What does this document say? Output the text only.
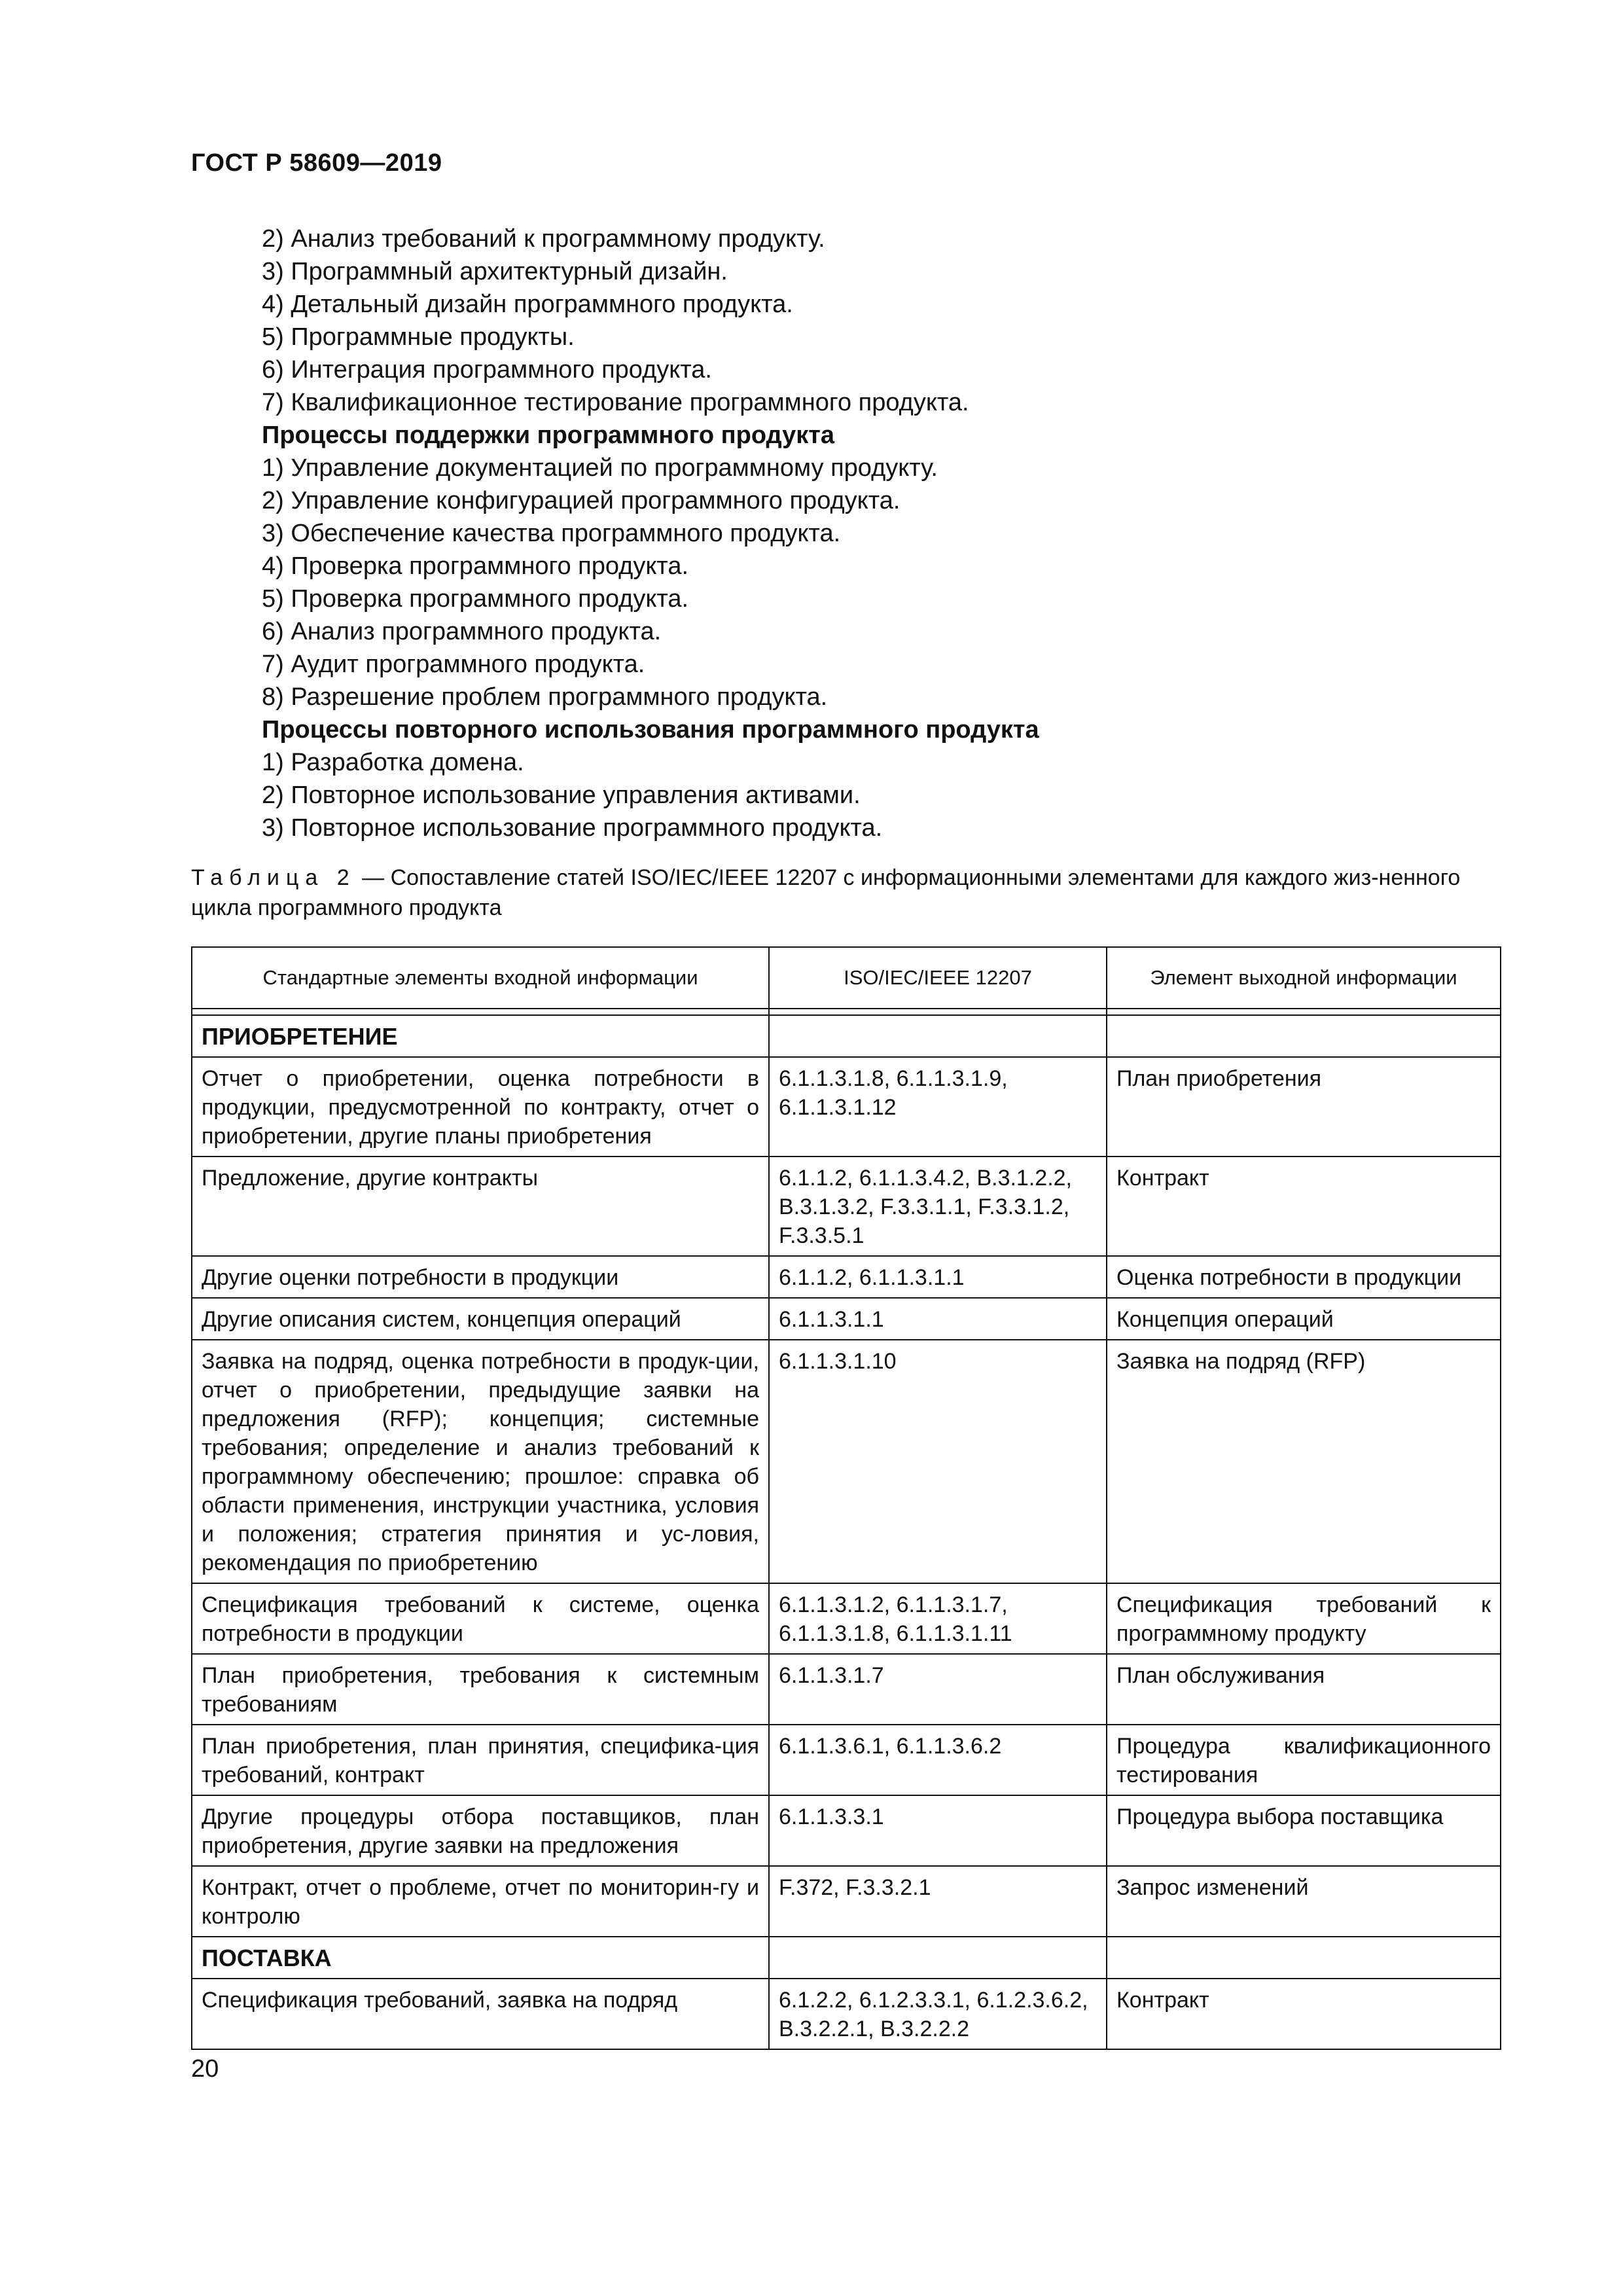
ГОСТ Р 58609—2019
2) Анализ требований к программному продукту.
3) Программный архитектурный дизайн.
4) Детальный дизайн программного продукта.
5) Программные продукты.
6) Интеграция программного продукта.
7) Квалификационное тестирование программного продукта.
Процессы поддержки программного продукта
1) Управление документацией по программному продукту.
2) Управление конфигурацией программного продукта.
3) Обеспечение качества программного продукта.
4) Проверка программного продукта.
5) Проверка программного продукта.
6) Анализ программного продукта.
7) Аудит программного продукта.
8) Разрешение проблем программного продукта.
Процессы повторного использования программного продукта
1) Разработка домена.
2) Повторное использование управления активами.
3) Повторное использование программного продукта.
Таблица 2 — Сопоставление статей ISO/IEC/IEEE 12207 с информационными элементами для каждого жиз-ненного цикла программного продукта
Стандартные элементы входной информации	ISO/IEC/IEEE 12207	Элемент выходной информации

ПРИОБРЕТЕНИЕ		
Отчет о приобретении, оценка потребности в продукции, предусмотренной по контракту, отчет о приобретении, другие планы приобретения	6.1.1.3.1.8, 6.1.1.3.1.9, 6.1.1.3.1.12	План приобретения
Предложение, другие контракты	6.1.1.2, 6.1.1.3.4.2, B.3.1.2.2, B.3.1.3.2, F.3.3.1.1, F.3.3.1.2, F.3.3.5.1	Контракт
Другие оценки потребности в продукции	6.1.1.2, 6.1.1.3.1.1	Оценка потребности в продукции
Другие описания систем, концепция операций	6.1.1.3.1.1	Концепция операций
Заявка на подряд, оценка потребности в продук-ции, отчет о приобретении, предыдущие заявки на предложения (RFP); концепция; системные требования; определение и анализ требований к программному обеспечению; прошлое: справка об области применения, инструкции участника, условия и положения; стратегия принятия и ус-ловия, рекомендация по приобретению	6.1.1.3.1.10	Заявка на подряд (RFP)
Спецификация требований к системе, оценка потребности в продукции	6.1.1.3.1.2, 6.1.1.3.1.7, 6.1.1.3.1.8, 6.1.1.3.1.11	Спецификация требований к программному продукту
План приобретения, требования к системным требованиям	6.1.1.3.1.7	План обслуживания
План приобретения, план принятия, специфика-ция требований, контракт	6.1.1.3.6.1, 6.1.1.3.6.2	Процедура квалификационного тестирования
Другие процедуры отбора поставщиков, план приобретения, другие заявки на предложения	6.1.1.3.3.1	Процедура выбора поставщика
Контракт, отчет о проблеме, отчет по мониторин-гу и контролю	F.372, F.3.3.2.1	Запрос изменений
ПОСТАВКА		
Спецификация требований, заявка на подряд	6.1.2.2, 6.1.2.3.3.1, 6.1.2.3.6.2, B.3.2.2.1, B.3.2.2.2	Контракт
20
